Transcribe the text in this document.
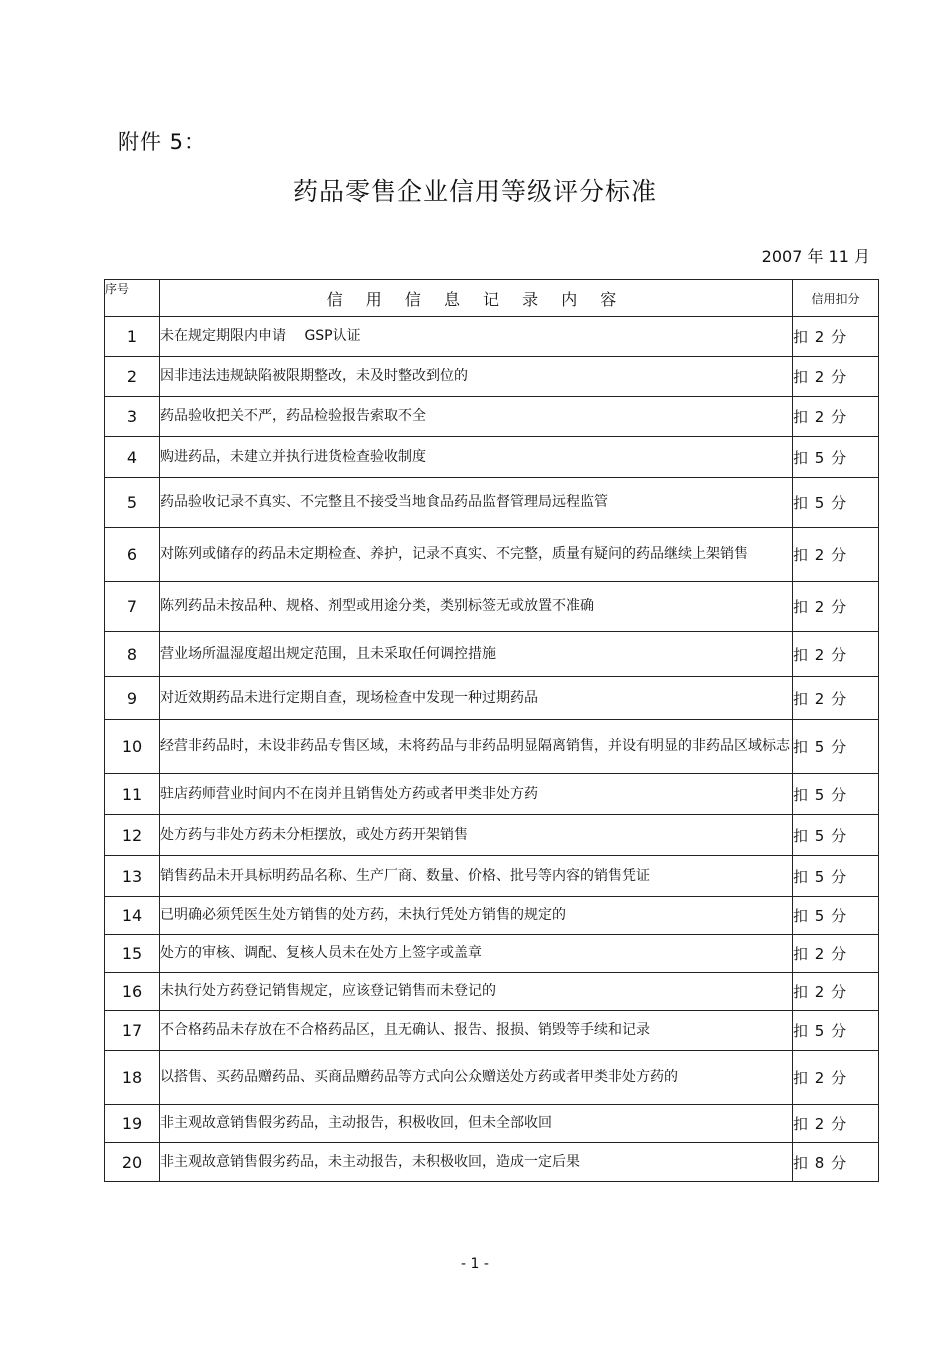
附件 5：
药品零售企业信用等级评分标准
2007 年 11 月
序号	信 用 信 息 记 录 内 容	信用扣分
1	未在规定期限内申请　 GSP认证	扣 2 分
2	因非违法违规缺陷被限期整改，未及时整改到位的	扣 2 分
3	药品验收把关不严，药品检验报告索取不全	扣 2 分
4	购进药品，未建立并执行进货检查验收制度	扣 5 分
5	药品验收记录不真实、不完整且不接受当地食品药品监督管理局远程监管	扣 5 分
6	对陈列或储存的药品未定期检查、养护，记录不真实、不完整，质量有疑问的药品继续上架销售	扣 2 分
7	陈列药品未按品种、规格、剂型或用途分类，类别标签无或放置不准确	扣 2 分
8	营业场所温湿度超出规定范围，且未采取任何调控措施	扣 2 分
9	对近效期药品未进行定期自查，现场检查中发现一种过期药品	扣 2 分
10	经营非药品时，未设非药品专售区域，未将药品与非药品明显隔离销售，并设有明显的非药品区域标志	扣 5 分
11	驻店药师营业时间内不在岗并且销售处方药或者甲类非处方药	扣 5 分
12	处方药与非处方药未分柜摆放，或处方药开架销售	扣 5 分
13	销售药品未开具标明药品名称、生产厂商、数量、价格、批号等内容的销售凭证	扣 5 分
14	已明确必须凭医生处方销售的处方药，未执行凭处方销售的规定的	扣 5 分
15	处方的审核、调配、复核人员未在处方上签字或盖章	扣 2 分
16	未执行处方药登记销售规定，应该登记销售而未登记的	扣 2 分
17	不合格药品未存放在不合格药品区，且无确认、报告、报损、销毁等手续和记录	扣 5 分
18	以搭售、买药品赠药品、买商品赠药品等方式向公众赠送处方药或者甲类非处方药的	扣 2 分
19	非主观故意销售假劣药品，主动报告，积极收回，但未全部收回	扣 2 分
20	非主观故意销售假劣药品，未主动报告，未积极收回，造成一定后果	扣 8 分
- 1 -
